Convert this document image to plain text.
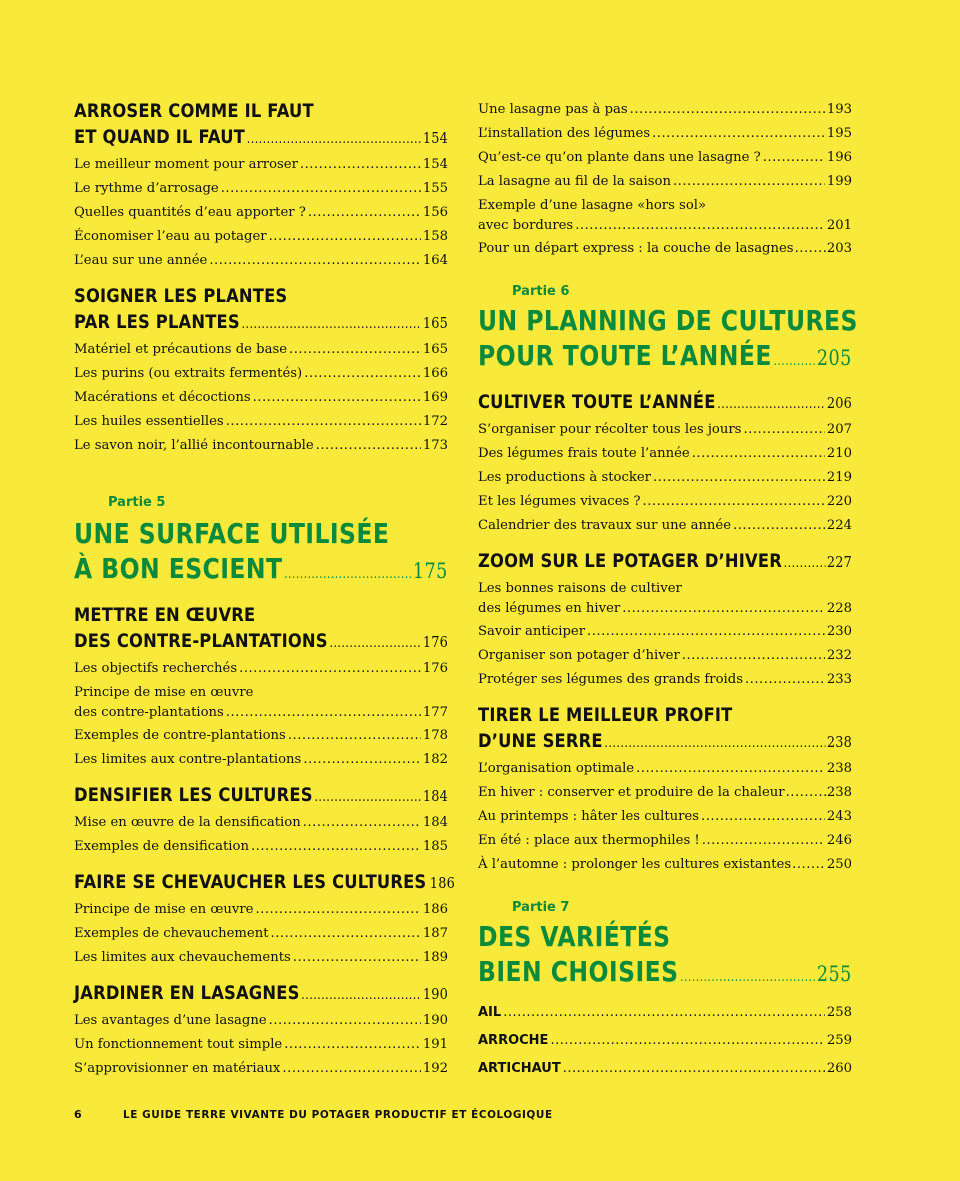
ARROSER COMME IL FAUT
ET QUAND IL FAUT .....	154
Le meilleur moment pour arroser .....	154
Le rythme d’arrosage .....	155
Quelles quantités d’eau apporter ? .....	156
Économiser l’eau au potager .....	158
L’eau sur une année .....	164
SOIGNER LES PLANTES
PAR LES PLANTES .....	165
Matériel et précautions de base .....	165
Les purins (ou extraits fermentés) .....	166
Macérations et décoctions .....	169
Les huiles essentielles .....	172
Le savon noir, l’allié incontournable .....	173
Partie 5
UNE SURFACE UTILISÉE
À BON ESCIENT .....	175
METTRE EN ŒUVRE
DES CONTRE-PLANTATIONS .....	176
Les objectifs recherchés .....	176
Principe de mise en œuvre
des contre-plantations .....	177
Exemples de contre-plantations .....	178
Les limites aux contre-plantations .....	182
DENSIFIER LES CULTURES .....	184
Mise en œuvre de la densification .....	184
Exemples de densification .....	185
FAIRE SE CHEVAUCHER LES CULTURES 186
Principe de mise en œuvre .....	186
Exemples de chevauchement .....	187
Les limites aux chevauchements .....	189
JARDINER EN LASAGNES .....	190
Les avantages d’une lasagne .....	190
Un fonctionnement tout simple .....	191
S’approvisionner en matériaux .....	192
Une lasagne pas à pas .....	193
L’installation des légumes .....	195
Qu’est-ce qu’on plante dans une lasagne ? .....	196
La lasagne au fil de la saison .....	199
Exemple d’une lasagne «hors sol»
avec bordures .....	201
Pour un départ express : la couche de lasagnes .....	203
Partie 6
UN PLANNING DE CULTURES
POUR TOUTE L’ANNÉE ..... 205
CULTIVER TOUTE L’ANNÉE .....	206
S’organiser pour récolter tous les jours .....	207
Des légumes frais toute l’année .....	210
Les productions à stocker .....	219
Et les légumes vivaces ? .....	220
Calendrier des travaux sur une année .....	224
ZOOM SUR LE POTAGER D’HIVER .....	227
Les bonnes raisons de cultiver
des légumes en hiver .....	228
Savoir anticiper .....	230
Organiser son potager d’hiver .....	232
Protéger ses légumes des grands froids .....	233
TIRER LE MEILLEUR PROFIT
D’UNE SERRE .....	238
L’organisation optimale .....	238
En hiver : conserver et produire de la chaleur .....	238
Au printemps : hâter les cultures .....	243
En été : place aux thermophiles ! .....	246
À l’automne : prolonger les cultures existantes .....	250
Partie 7
DES VARIÉTÉS
BIEN CHOISIES .....	255
AIL .....	258
ARROCHE .....	259
ARTICHAUT .....	260
6	LE GUIDE TERRE VIVANTE DU POTAGER PRODUCTIF ET ÉCOLOGIQUE
